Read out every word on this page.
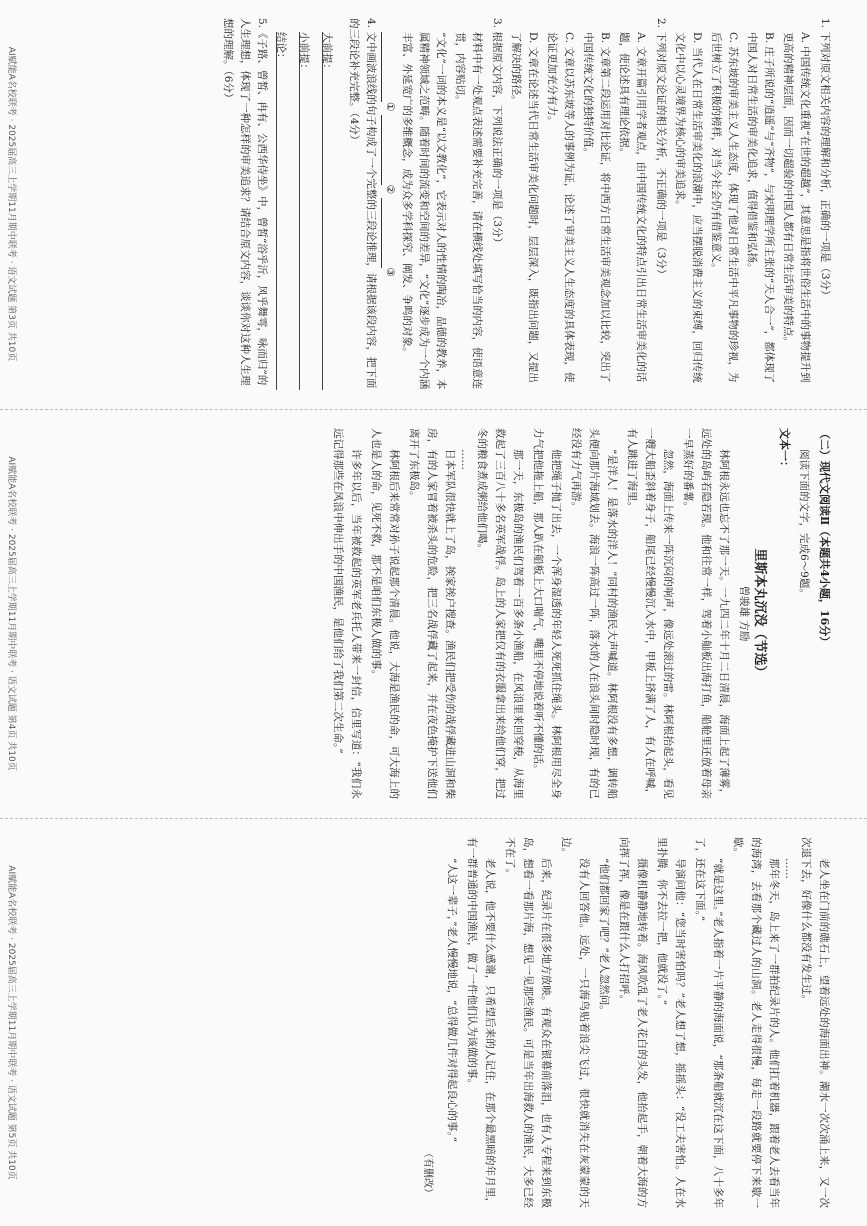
1. 下列对原文相关内容的理解和分析，正确的一项是（3分）
A. 中国传统文化重视“在世的超越”，其意思是指将世俗生活中的事物提升到更高的精神层面，因而一切超验的中国人都有日常生活审美的特点。
B. 庄子所说的“逍遥”与“齐物”，与宋明理学所主张的“天人合一”，都体现了中国人对日常生活的审美化追求，值得借鉴和弘扬。
C. 苏东坡的审美主义人生态度，体现了他对日常生活中平凡事物的珍视，为后世树立了积极的榜样，对当今社会仍有借鉴意义。
D. 当代人在日常生活审美化的浪潮中，应当摆脱消费主义的束缚，回归传统文化中以心灵境界为核心的审美追求。
2. 下列对原文论证的相关分析，不正确的一项是（3分）
A. 文章开篇引用学者观点，由中国传统文化的特点引出日常生活审美化的话题，使论述具有理论依据。
B. 文章第二段运用对比论证，将中西方日常生活审美观念加以比较，突出了中国传统文化的独特价值。
C. 文章以苏东坡等人的事例为证，论述了审美主义人生态度的具体表现，使论证更加充分有力。
D. 文章在论述当代日常生活审美化问题时，层层深入，既指出问题，又提出了解决的路径。
3. 根据原文内容，下列说法正确的一项是（3分）
材料中有一处观点表述需要补充完善，请在横线处填写恰当的内容，使语意连贯，内容贴切。
“文化”一词的本义是“以文教化”，它表示对人的性情的陶冶，品德的教养，本属精神领域之范畴。随着时间的流变和空间的差异，“文化”逐步成为一个内涵丰富、外延宽广的多维概念，成为众多学科探究、阐发、争鸣的对象。 ① ② ③
4. 文中画波浪线的句子构成了一个完整的三段论推理，请根据该段内容，把下面的三段论补充完整。（4分）
大前提：
小前提：
结论：
5.《子路、曾皙、冉有、公西华侍坐》中，曾皙“浴乎沂，风乎舞雩，咏而归”的人生理想，体现了一种怎样的审美追求？请结合原文内容，谈谈你对这种人生理想的理解。（6分）
AI赋能A名校联考 · 2025届高三上学期11月期中联考 · 语文试题 第3页 共10页
（二）现代文阅读Ⅱ（本题共4小题，16分）
阅读下面的文字，完成6～9题。
文本一：
里斯本丸沉没（节选）
曾骏雄 方励
林阿根永远也忘不了那一天。一九四二年十月二日清晨，海面上起了薄雾，远处的岛屿若隐若现。他和往常一样，驾着小舢板出海打鱼，船舱里还放着母亲一早蒸好的番薯。
忽然，海面上传来一阵沉闷的响声，像远处滚过的雷。林阿根抬起头，看见一艘大船歪斜着身子，船尾已经慢慢沉入水中，甲板上挤满了人，有人在呼喊，有人跳进了海里。
“是洋人！是落水的洋人！”同村的渔民大声喊道。林阿根没有多想，调转船头便向那片海域划去。海浪一阵高过一阵，落水的人在浪头间时隐时现，有的已经没有力气再游。
他把绳子抛了出去，一个浑身湿透的年轻人死死抓住绳头。林阿根用尽全身力气把他拖上船，那人趴在船板上大口喘气，嘴里不停地说着听不懂的话。
那一天，东极岛的渔民们驾着一百多条小渔船，在风浪里来回穿梭，从海里救起了三百八十多名英军战俘。岛上的人家把仅有的衣服拿出来给他们穿，把过冬的粮食煮成粥给他们喝。
……
日本军队很快就上了岛，挨家挨户搜查。渔民们把受伤的战俘藏进山洞和柴房，有的人家冒着被杀头的危险，把三名战俘藏了起来，并在夜色掩护下送他们离开了东极岛。
林阿根后来常常对孙子说起那个清晨。他说，大海是渔民的命，可大海上的人也是人的命，见死不救，那不是咱们东极人做的事。
许多年以后，当年被救起的英军老兵托人带来一封信，信里写道：“我们永远记得那些在风浪中伸出手的中国渔民，是他们给了我们第二次生命。”
AI赋能A名校联考 · 2025届高三上学期11月期中联考 · 语文试题 第4页 共10页
老人坐在门前的礁石上，望着远处的海面出神。潮水一次次涌上来，又一次次退下去，好像什么都没有发生过。
……
那年冬天，岛上来了一群拍纪录片的人。他们扛着机器，跟着老人去看当年的海湾，去看那个藏过人的山洞。老人走得很慢，每走一段路就要停下来歇一歇。
“就是这里。”老人指着一片平静的海面说，“那条船就沉在这下面，八十多年了，还在这下面。”
导演问他：“您当时害怕吗？”老人想了想，摇摇头：“没工夫害怕。人在水里扑腾，你不去拉一把，他就没了。”
摄像机静静地转着。海风吹乱了老人花白的头发，他抬起手，朝着大海的方向挥了挥，像是在跟什么人打招呼。
“他们都回家了吧？”老人忽然问。
没有人回答他。远处，一只海鸟贴着浪尖飞过，很快就消失在灰蒙蒙的天边。
后来，纪录片在很多地方放映。有观众在银幕前落泪，也有人专程来到东极岛，想看一看那片海，想见一见那些渔民。可是当年出海救人的渔民，大多已经不在了。
老人说，他不要什么感谢，只希望后来的人记住，在那个最黑暗的年月里，有一群普通的中国渔民，做了一件他们认为该做的事。
“人这一辈子，”老人慢慢地说，“总得做几件对得起良心的事。”
（有删改）
AI赋能A名校联考 · 2025届高三上学期11月期中联考 · 语文试题 第5页 共10页
